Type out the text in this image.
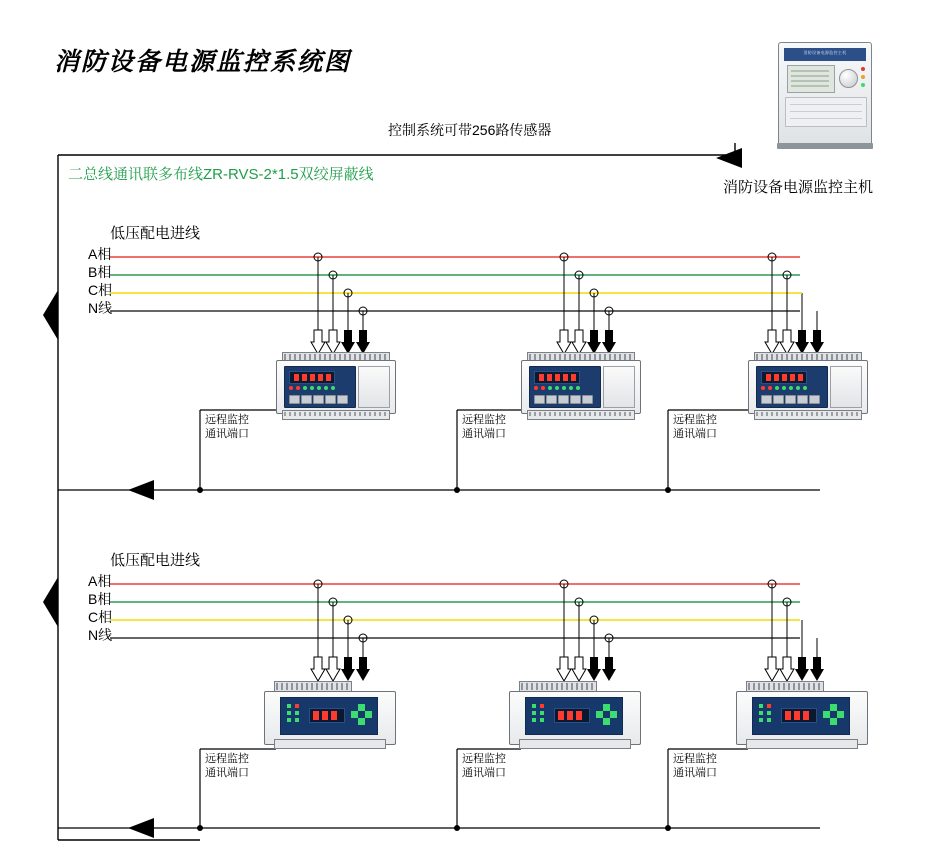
消防设备电源监控系统图
控制系统可带256路传感器
二总线通讯联多布线ZR-RVS-2*1.5双绞屏蔽线
消防设备电源监控主机
低压配电进线
A相
B相
C相
N线
低压配电进线
A相
B相
C相
N线
远程监控
通讯端口
远程监控
通讯端口
远程监控
通讯端口
远程监控
通讯端口
远程监控
通讯端口
远程监控
通讯端口
消防设备电源监控主机
